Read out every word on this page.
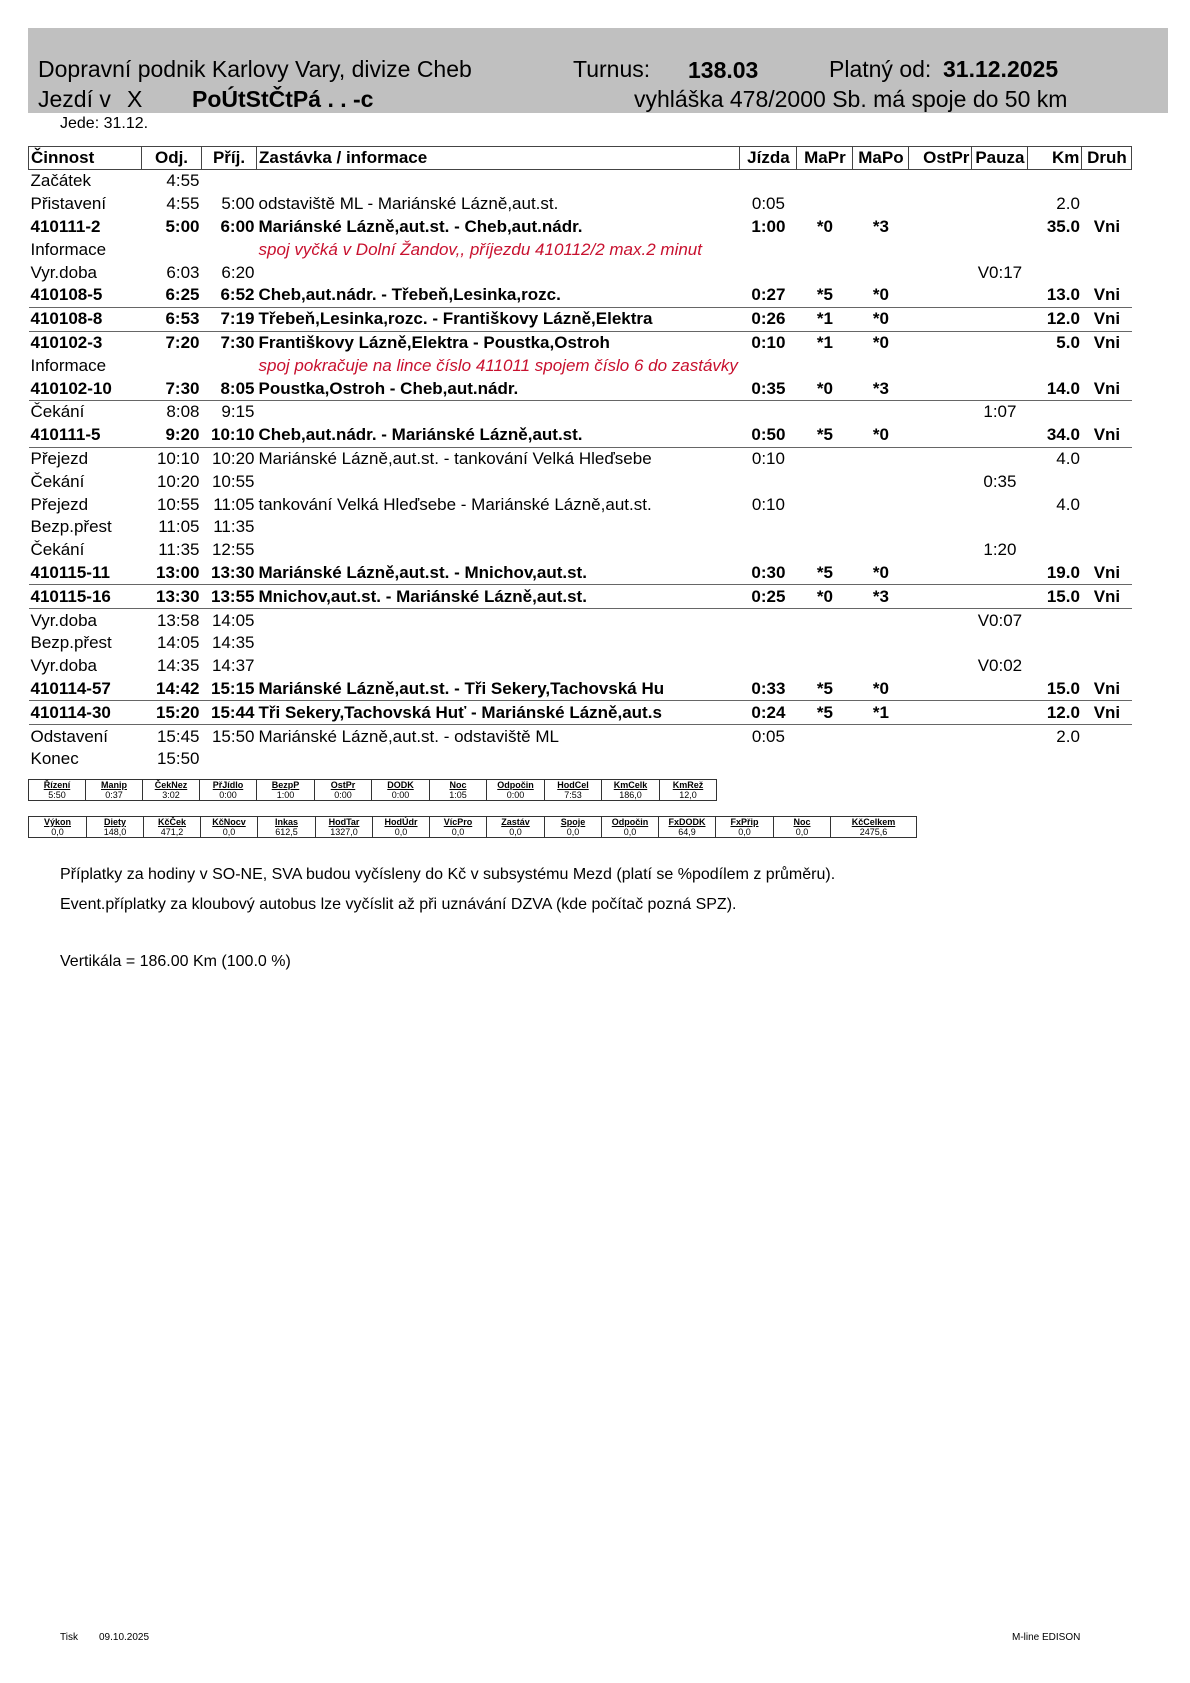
Dopravní podnik Karlovy Vary, divize Cheb	Turnus: 138.03	Platný od: 31.12.2025
Jezdí v X PoÚtStČtPá . . -c	vyhláška 478/2000 Sb. má spoje do 50 km
Jede: 31.12.
Činnost	Odj.	Příj.	Zastávka / informace	Jízda	MaPr	MaPo	OstPr	Pauza	Km	Druh
Začátek	4:55									
Přistavení	4:55	5:00	odstaviště ML - Mariánské Lázně,aut.st.	0:05					2.0	
410111-2	5:00	6:00	Mariánské Lázně,aut.st. - Cheb,aut.nádr.	1:00	*0	*3			35.0	Vni
Informace			spoj vyčká v Dolní Žandov,, příjezdu 410112/2 max.2 minut							
Vyr.doba	6:03	6:20						V0:17		
410108-5	6:25	6:52	Cheb,aut.nádr. - Třebeň,Lesinka,rozc.	0:27	*5	*0			13.0	Vni
410108-8	6:53	7:19	Třebeň,Lesinka,rozc. - Františkovy Lázně,Elektra	0:26	*1	*0			12.0	Vni
410102-3	7:20	7:30	Františkovy Lázně,Elektra - Poustka,Ostroh	0:10	*1	*0			5.0	Vni
Informace			spoj pokračuje na lince číslo 411011 spojem číslo 6 do zastávky							
410102-10	7:30	8:05	Poustka,Ostroh - Cheb,aut.nádr.	0:35	*0	*3			14.0	Vni
Čekání	8:08	9:15						1:07		
410111-5	9:20	10:10	Cheb,aut.nádr. - Mariánské Lázně,aut.st.	0:50	*5	*0			34.0	Vni
Přejezd	10:10	10:20	Mariánské Lázně,aut.st. - tankování Velká Hleďsebe	0:10					4.0	
Čekání	10:20	10:55						0:35		
Přejezd	10:55	11:05	tankování Velká Hleďsebe - Mariánské Lázně,aut.st.	0:10					4.0	
Bezp.přest	11:05	11:35								
Čekání	11:35	12:55						1:20		
410115-11	13:00	13:30	Mariánské Lázně,aut.st. - Mnichov,aut.st.	0:30	*5	*0			19.0	Vni
410115-16	13:30	13:55	Mnichov,aut.st. - Mariánské Lázně,aut.st.	0:25	*0	*3			15.0	Vni
Vyr.doba	13:58	14:05						V0:07		
Bezp.přest	14:05	14:35								
Vyr.doba	14:35	14:37						V0:02		
410114-57	14:42	15:15	Mariánské Lázně,aut.st. - Tři Sekery,Tachovská Hu	0:33	*5	*0			15.0	Vni
410114-30	15:20	15:44	Tři Sekery,Tachovská Huť - Mariánské Lázně,aut.s	0:24	*5	*1			12.0	Vni
Odstavení	15:45	15:50	Mariánské Lázně,aut.st. - odstaviště ML	0:05					2.0	
Konec	15:50									
Řízení	Manip	ČekNez	PřJídlo	BezpP	OstPr	DODK	Noc	Odpočin	HodCel	KmCelk	KmRež
5:50	0:37	3:02	0:00	1:00	0:00	0:00	1:05	0:00	7:53	186,0	12,0
Výkon	Diety	KčČek	KčNocv	Inkas	HodTar	HodÚdr	VícPro	Zastáv	Spoje	Odpočin	FxDODK	FxPřip	Noc	KčCelkem
0,0	148,0	471,2	0,0	612,5	1327,0	0,0	0,0	0,0	0,0	0,0	64,9	0,0	0,0	2475,6
Příplatky za hodiny v SO-NE, SVA budou vyčísleny do Kč v subsystému Mezd (platí se %podílem z průměru).
Event.příplatky za kloubový autobus lze vyčíslit až při uznávání DZVA (kde počítač pozná SPZ).
Vertikála = 186.00 Km (100.0 %)
Tisk 09.10.2025	M-line EDISON
